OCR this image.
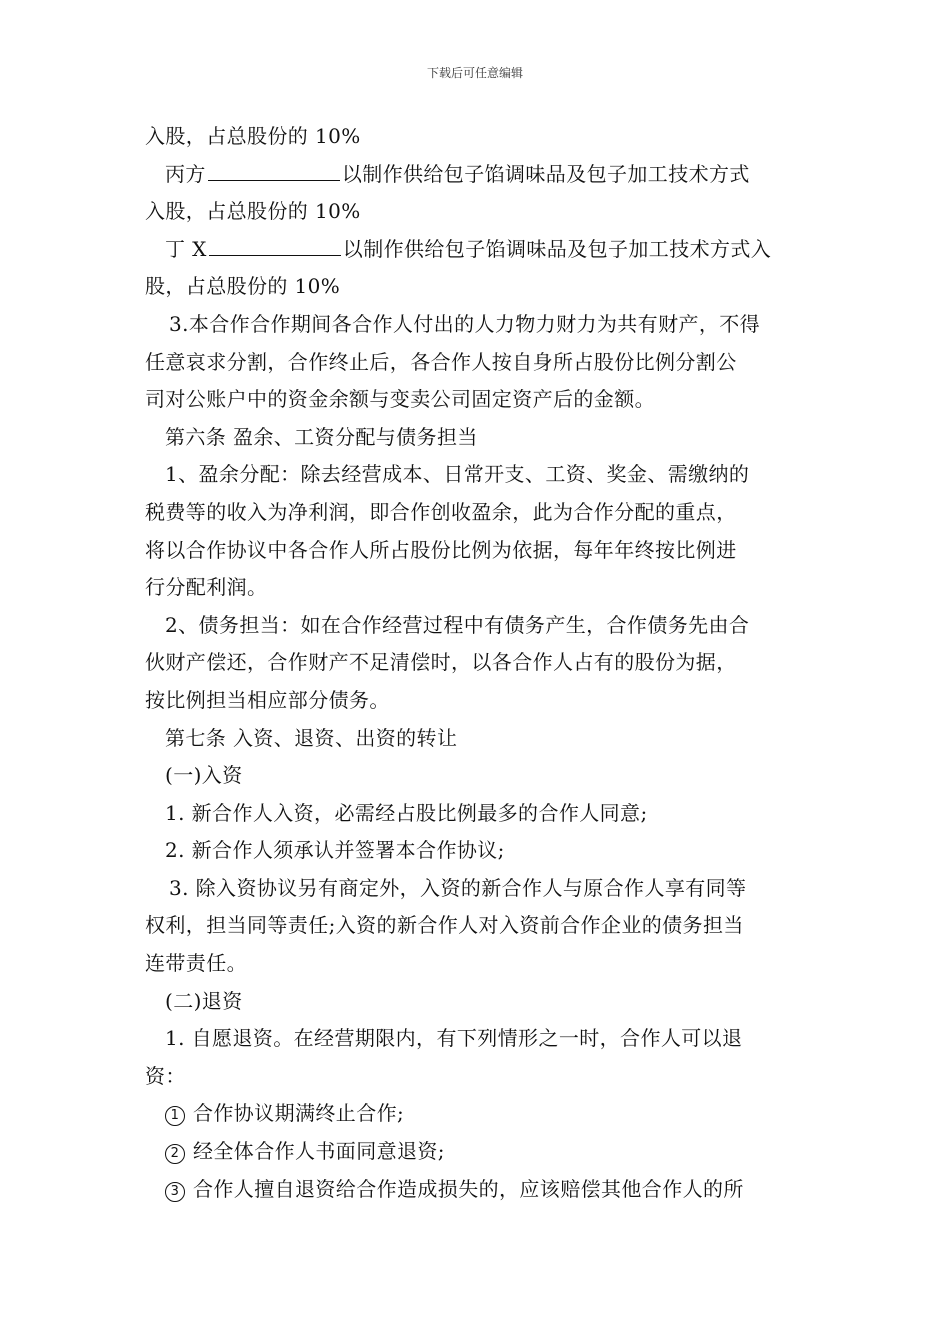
下载后可任意编辑
入股，占总股份的 10%
丙方	以制作供给包子馅调味品及包子加工技术方式
入股，占总股份的 10%
丁 X	以制作供给包子馅调味品及包子加工技术方式入
股，占总股份的 10%
3.本合作合作期间各合作人付出的人力物力财力为共有财产，不得
任意哀求分割，合作终止后，各合作人按自身所占股份比例分割公
司对公账户中的资金余额与变卖公司固定资产后的金额。
第六条 盈余、工资分配与债务担当
1、盈余分配：除去经营成本、日常开支、工资、奖金、需缴纳的
税费等的收入为净利润，即合作创收盈余，此为合作分配的重点，
将以合作协议中各合作人所占股份比例为依据，每年年终按比例进
行分配利润。
2、债务担当：如在合作经营过程中有债务产生，合作债务先由合
伙财产偿还，合作财产不足清偿时，以各合作人占有的股份为据，
按比例担当相应部分债务。
第七条 入资、退资、出资的转让
(一)入资
1. 新合作人入资，必需经占股比例最多的合作人同意;
2. 新合作人须承认并签署本合作协议;
3. 除入资协议另有商定外，入资的新合作人与原合作人享有同等
权利，担当同等责任;入资的新合作人对入资前合作企业的债务担当
连带责任。
(二)退资
1. 自愿退资。在经营期限内，有下列情形之一时，合作人可以退
资：
1 合作协议期满终止合作;
2 经全体合作人书面同意退资;
3 合作人擅自退资给合作造成损失的，应该赔偿其他合作人的所
